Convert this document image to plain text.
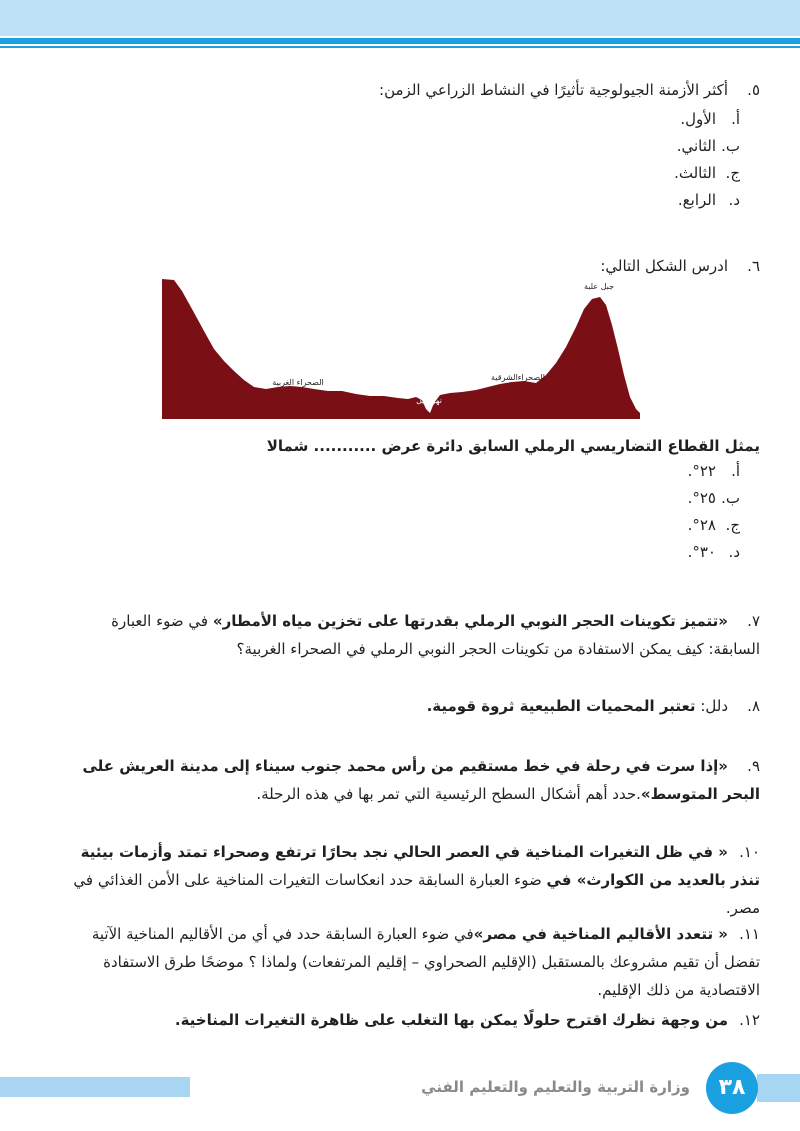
٥.أكثر الأزمنة الجيولوجية تأثيرًا في النشاط الزراعي الزمن:
أ.الأول.
ب.الثاني.
ج.الثالث.
د.الرابع.
٦.ادرس الشكل التالي:
جبل العوينات	جبل علبة
الصحراء الغربية
الصحراءالشرقية
نهرالنيل
يمثل القطاع التضاريسي الرملي السابق دائرة عرض ........... شمالا
أ.٢٢°.
ب.٢٥°.
ج.٢٨°.
د.٣٠°.
٧.«تتميز تكوينات الحجر النوبي الرملي بقدرتها على تخزين مياه الأمطار» في ضوء العبارة السابقة: كيف يمكن الاستفادة من تكوينات الحجر النوبي الرملي في الصحراء الغربية؟
٨.دلل: تعتبر المحميات الطبيعية ثروة قومية.
٩.«إذا سرت في رحلة في خط مستقيم من رأس محمد جنوب سيناء إلى مدينة العريش على البحر المتوسط».حدد أهم أشكال السطح الرئيسية التي تمر بها في هذه الرحلة.
١٠.« في ظل التغيرات المناخية في العصر الحالي نجد بحارًا ترتفع وصحراء تمتد وأزمات بيئية تنذر بالعديد من الكوارث» في ضوء العبارة السابقة حدد انعكاسات التغيرات المناخية على الأمن الغذائي في مصر.
١١.« تتعدد الأقاليم المناخية في مصر»في ضوء العبارة السابقة حدد في أي من الأقاليم المناخية الآتية تفضل أن تقيم مشروعك بالمستقبل (الإقليم الصحراوي – إقليم المرتفعات) ولماذا ؟ موضحًا طرق الاستفادة الاقتصادية من ذلك الإقليم.
١٢.من وجهة نظرك اقترح حلولًا يمكن بها التغلب على ظاهرة التغيرات المناخية.
٣٨
وزارة التربية والتعليم والتعليم الفني
